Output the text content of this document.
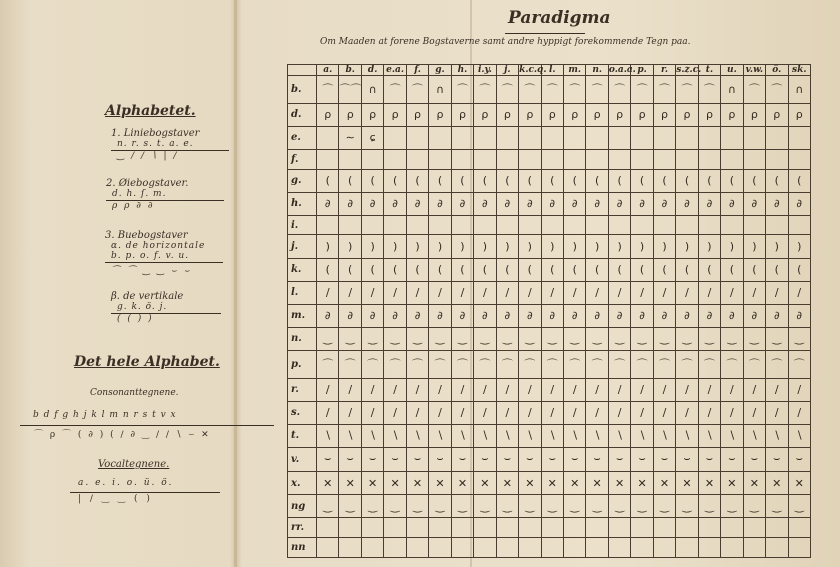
Alphabetet.
1. Liniebogstaver
n. r. s. t. a. e.
‿ ∕ ∕ ∖ | ∕
2. Øiebogstaver.
d. h. ſ. m.
ρ ρ ∂ ∂
3. Buebogstaver
α. de horizontale
b. p. o. f. v. u.
⌒ ⌒ ‿ ‿ ⌣ ⌣
β. de vertikale
g. k. ö. j.
( ( ) )
Det hele Alphabet.
Consonanttegnene.
b d f g h j k l m n r s t v x
⌒ ρ ⌒ ( ∂ ) ( ∕ ∂ ‿ ∕ ∕ ∖ ⌣ ✕
Vocaltegnene.
a. e. i. o. ü. ö.
| ∕ ‿ ‿ ( )
Paradigma
Om Maaden at forene Bogstaverne samt andre hyppigt forekommende Tegn paa.
	a.	b.	d.	e.a.	f.	g.	h.	i.y.	j.	k.c.q.	l.	m.	n.	o.a.a.	p.	r.	s.z.c.	t.	u.	v.w.	ö.	sk.
b.	⌒	⌒⌒	∩	⌒	⌒	∩	⌒	⌒	⌒	⌒	⌒	⌒	⌒	⌒	⌒	⌒	⌒	⌒	∩	⌒	⌒	∩
d.	ρ	ρ	ρ	ρ	ρ	ρ	ρ	ρ	ρ	ρ	ρ	ρ	ρ	ρ	ρ	ρ	ρ	ρ	ρ	ρ	ρ	ρ
e.		∼	ɕ																			
f.																						
g.	(	(	(	(	(	(	(	(	(	(	(	(	(	(	(	(	(	(	(	(	(	(
h.	∂	∂	∂	∂	∂	∂	∂	∂	∂	∂	∂	∂	∂	∂	∂	∂	∂	∂	∂	∂	∂	∂
i.																						
j.	)	)	)	)	)	)	)	)	)	)	)	)	)	)	)	)	)	)	)	)	)	)
k.	(	(	(	(	(	(	(	(	(	(	(	(	(	(	(	(	(	(	(	(	(	(
l.	∕	∕	∕	∕	∕	∕	∕	∕	∕	∕	∕	∕	∕	∕	∕	∕	∕	∕	∕	∕	∕	∕
m.	∂	∂	∂	∂	∂	∂	∂	∂	∂	∂	∂	∂	∂	∂	∂	∂	∂	∂	∂	∂	∂	∂
n.	‿	‿	‿	‿	‿	‿	‿	‿	‿	‿	‿	‿	‿	‿	‿	‿	‿	‿	‿	‿	‿	‿
p.	⌒	⌒	⌒	⌒	⌒	⌒	⌒	⌒	⌒	⌒	⌒	⌒	⌒	⌒	⌒	⌒	⌒	⌒	⌒	⌒	⌒	⌒
r.	∕	∕	∕	∕	∕	∕	∕	∕	∕	∕	∕	∕	∕	∕	∕	∕	∕	∕	∕	∕	∕	∕
s.	∕	∕	∕	∕	∕	∕	∕	∕	∕	∕	∕	∕	∕	∕	∕	∕	∕	∕	∕	∕	∕	∕
t.	∖	∖	∖	∖	∖	∖	∖	∖	∖	∖	∖	∖	∖	∖	∖	∖	∖	∖	∖	∖	∖	∖
v.	⌣	⌣	⌣	⌣	⌣	⌣	⌣	⌣	⌣	⌣	⌣	⌣	⌣	⌣	⌣	⌣	⌣	⌣	⌣	⌣	⌣	⌣
x.	✕	✕	✕	✕	✕	✕	✕	✕	✕	✕	✕	✕	✕	✕	✕	✕	✕	✕	✕	✕	✕	✕
ng	‿	‿	‿	‿	‿	‿	‿	‿	‿	‿	‿	‿	‿	‿	‿	‿	‿	‿	‿	‿	‿	‿
rr.																						
nn																						
